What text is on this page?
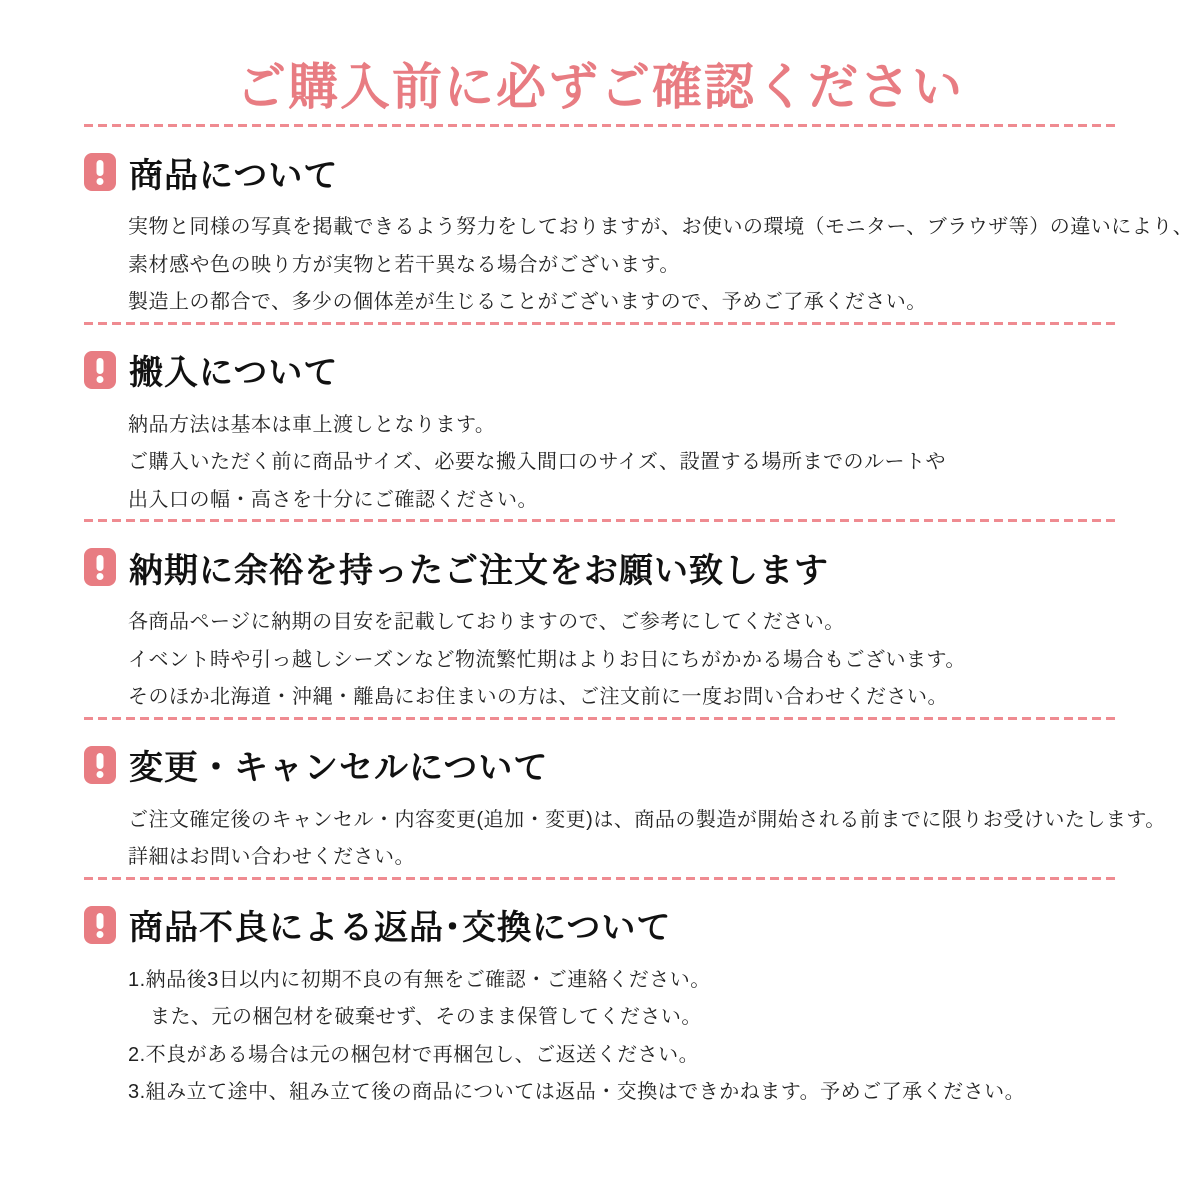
ご購入前に必ずご確認ください
商品について

実物と同様の写真を掲載できるよう努力をしておりますが、お使いの環境（モニター、ブラウザ等）の違いにより、

素材感や色の映り方が実物と若干異なる場合がございます。

製造上の都合で、多少の個体差が生じることがございますので、予めご了承ください。

搬入について

納品方法は基本は車上渡しとなります。

ご購入いただく前に商品サイズ、必要な搬入間口のサイズ、設置する場所までのルートや

出入口の幅・高さを十分にご確認ください。

納期に余裕を持ったご注文をお願い致します

各商品ページに納期の目安を記載しておりますので、ご参考にしてください。

イベント時や引っ越しシーズンなど物流繁忙期はよりお日にちがかかる場合もございます。

そのほか北海道・沖縄・離島にお住まいの方は、ご注文前に一度お問い合わせください。

変更・キャンセルについて

ご注文確定後のキャンセル・内容変更(追加・変更)は、商品の製造が開始される前までに限りお受けいたします。

詳細はお問い合わせください。

商品不良による返品･交換について

1.納品後3日以内に初期不良の有無をご確認・ご連絡ください。

また、元の梱包材を破棄せず、そのまま保管してください。

2.不良がある場合は元の梱包材で再梱包し、ご返送ください。

3.組み立て途中、組み立て後の商品については返品・交換はできかねます。予めご了承ください。
